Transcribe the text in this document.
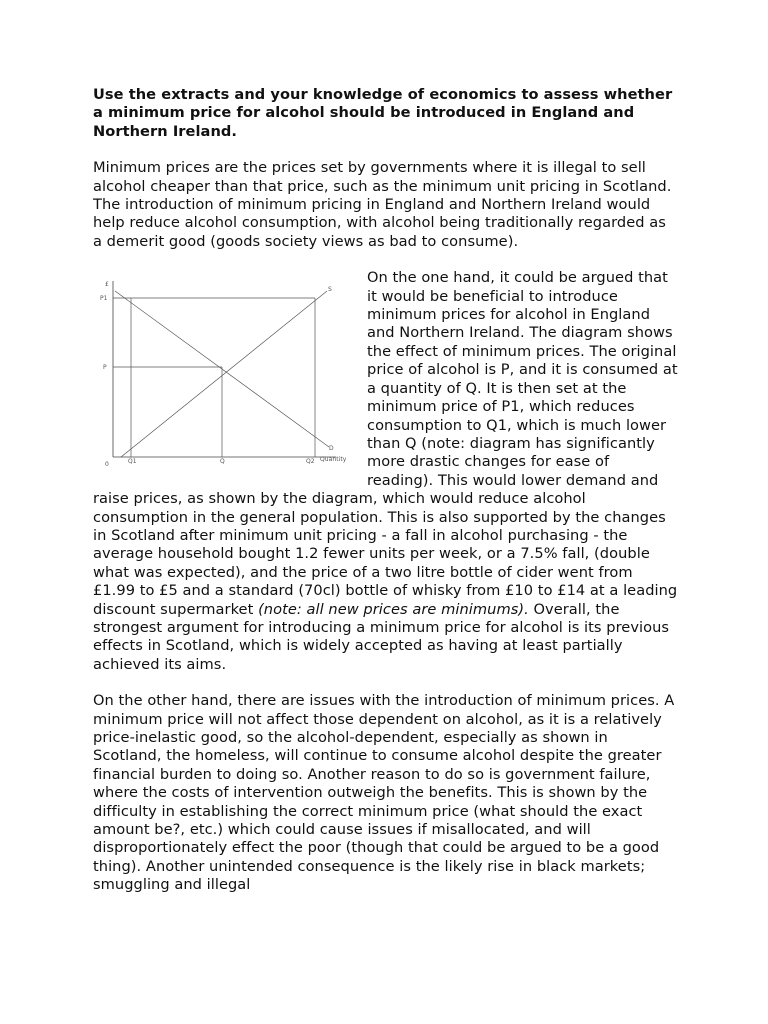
Use the extracts and your knowledge of economics to assess whether a minimum price for alcohol should be introduced in England and Northern Ireland.

Minimum prices are the prices set by governments where it is illegal to sell alcohol cheaper than that price, such as the minimum unit pricing in Scotland. The introduction of minimum pricing in England and Northern Ireland would help reduce alcohol consumption, with alcohol being traditionally regarded as a demerit good (goods society views as bad to consume).

£
P1
P
0	Q1	Q	Q2 Quantity
S
D

On the one hand, it could be argued that it would be beneficial to introduce minimum prices for alcohol in England and Northern Ireland. The diagram shows the effect of minimum prices. The original price of alcohol is P, and it is consumed at a quantity of Q. It is then set at the minimum price of P1, which reduces consumption to Q1, which is much lower than Q (note: diagram has significantly more drastic changes for ease of reading). This would lower demand and raise prices, as shown by the diagram, which would reduce alcohol consumption in the general population. This is also supported by the changes in Scotland after minimum unit pricing - a fall in alcohol purchasing - the average household bought 1.2 fewer units per week, or a 7.5% fall, (double what was expected), and the price of a two litre bottle of cider went from £1.99 to £5 and a standard (70cl) bottle of whisky from £10 to £14 at a leading discount supermarket (note: all new prices are minimums). Overall, the strongest argument for introducing a minimum price for alcohol is its previous effects in Scotland, which is widely accepted as having at least partially achieved its aims.

On the other hand, there are issues with the introduction of minimum prices. A minimum price will not affect those dependent on alcohol, as it is a relatively price-inelastic good, so the alcohol-dependent, especially as shown in Scotland, the homeless, will continue to consume alcohol despite the greater financial burden to doing so. Another reason to do so is government failure, where the costs of intervention outweigh the benefits. This is shown by the difficulty in establishing the correct minimum price (what should the exact amount be?, etc.) which could cause issues if misallocated, and will disproportionately effect the poor (though that could be argued to be a good thing). Another unintended consequence is the likely rise in black markets; smuggling and illegal
